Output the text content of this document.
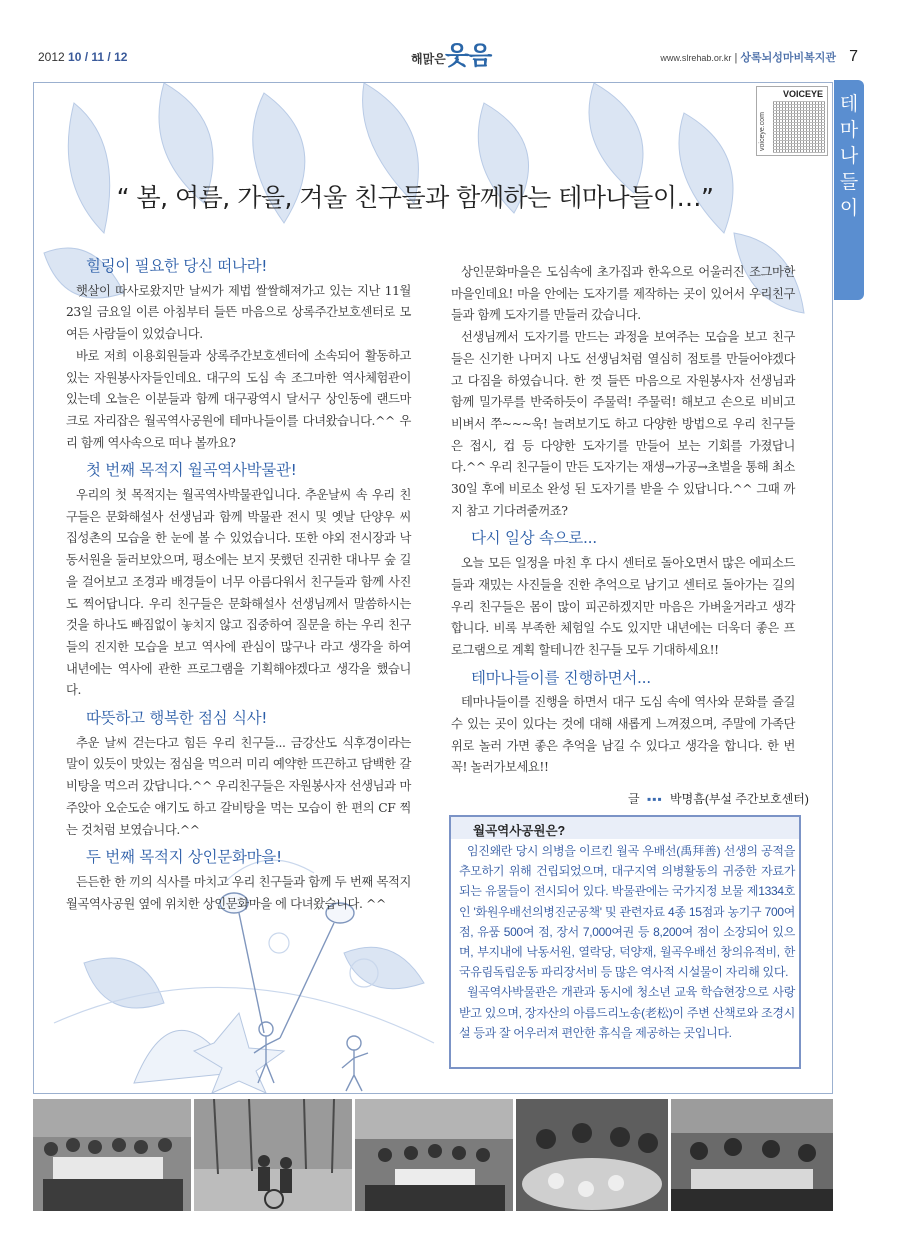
2012 10 / 11 / 12	해맑은 웃음	www.slrehab.or.kr | 상록뇌성마비복지관 7
테
마
나
들
이
VOICEYE
voiceye.com
“ 봄, 여름, 가을, 겨울 친구들과 함께하는 테마나들이…”
힐링이 필요한 당신 떠나라!

햇살이 따사로왔지만 날씨가 제법 쌀쌀해져가고 있는 지난 11월 23일 금요일 이른 아침부터 들뜬 마음으로 상록주간보호센터로 모여든 사람들이 있었습니다.

바로 저희 이용회원들과 상록주간보호센터에 소속되어 활동하고 있는 자원봉사자들인데요. 대구의 도심 속 조그마한 역사체험관이 있는데 오늘은 이분들과 함께 대구광역시 달서구 상인동에 랜드마크로 자리잡은 월곡역사공원에 테마나들이를 다녀왔습니다.^^ 우리 함께 역사속으로 떠나 볼까요?

첫 번째 목적지 월곡역사박물관!

우리의 첫 목적지는 월곡역사박물관입니다. 추운날씨 속 우리 친구들은 문화해설사 선생님과 함께 박물관 전시 및 옛날 단양우 씨 집성촌의 모습을 한 눈에 볼 수 있었습니다. 또한 야외 전시장과 낙동서원을 둘러보았으며, 평소에는 보지 못했던 진귀한 대나무 숲 길을 걸어보고 조경과 배경들이 너무 아름다워서 친구들과 함께 사진도 찍어답니다. 우리 친구들은 문화해설사 선생님께서 말씀하시는 것을 하나도 빠짐없이 놓치지 않고 집중하여 질문을 하는 우리 친구들의 진지한 모습을 보고 역사에 관심이 많구나 라고 생각을 하여 내년에는 역사에 관한 프로그램을 기획해야겠다고 생각을 했습니다.

따뜻하고 행복한 점심 식사!

추운 날씨 걷는다고 힘든 우리 친구들... 금강산도 식후경이라는 말이 있듯이 맛있는 점심을 먹으러 미리 예약한 뜨끈하고 담백한 갈비탕을 먹으러 갔답니다.^^ 우리친구들은 자원봉사자 선생님과 마주앉아 오순도순 얘기도 하고 갈비탕을 먹는 모습이 한 편의 CF 찍는 것처럼 보였습니다.^^

두 번째 목적지 상인문화마을!

든든한 한 끼의 식사를 마치고 우리 친구들과 함께 두 번째 목적지 월곡역사공원 옆에 위치한 상인문화마을 에 다녀왔습니다. ^^

상인문화마을은 도심속에 초가집과 한옥으로 어울러진 조그마한 마을인데요! 마을 안에는 도자기를 제작하는 곳이 있어서 우리친구들과 함께 도자기를 만들러 갔습니다.

선생님께서 도자기를 만드는 과정을 보여주는 모습을 보고 친구들은 신기한 나머지 나도 선생님처럼 열심히 점토를 만들어야겠다고 다짐을 하였습니다. 한 껏 들뜬 마음으로 자원봉사자 선생님과 함께 밀가루를 반죽하듯이 주물럭! 주물럭! 해보고 손으로 비비고 비벼서 쭈~~~욱! 늘려보기도 하고 다양한 방법으로 우리 친구들은 접시, 컵 등 다양한 도자기를 만들어 보는 기회를 가졌답니다.^^ 우리 친구들이 만든 도자기는 재생→가공→초벌을 통해 최소 30일 후에 비로소 완성 된 도자기를 받을 수 있답니다.^^ 그때 까지 참고 기다려줄꺼죠?

다시 일상 속으로...

오늘 모든 일정을 마친 후 다시 센터로 돌아오면서 많은 에피소드들과 재밌는 사진들을 진한 추억으로 남기고 센터로 돌아가는 길의 우리 친구들은 몸이 많이 피곤하겠지만 마음은 가벼울거라고 생각합니다. 비록 부족한 체험일 수도 있지만 내년에는 더욱더 좋은 프로그램으로 계획 할테니깐 친구들 모두 기대하세요!!

테마나들이를 진행하면서...

테마나들이를 진행을 하면서 대구 도심 속에 역사와 문화를 즐길 수 있는 곳이 있다는 것에 대해 새롭게 느껴졌으며, 주말에 가족단위로 놀러 가면 좋은 추억을 남길 수 있다고 생각을 합니다. 한 번 꼭! 놀러가보세요!!

글 ▪▪▪ 박명흠(부설 주간보호센터)
월곡역사공원은?

임진왜란 당시 의병을 이르킨 월곡 우배선(禹拜善) 선생의 공적을 추모하기 위해 건립되었으며, 대구지역 의병활동의 귀중한 자료가 되는 유물들이 전시되어 있다. 박물관에는 국가지정 보물 제1334호인 '화원우배선의병진군공책' 및 관련자료 4종 15점과 농기구 700여 점, 유품 500여 점, 장서 7,000여권 등 8,200여 점이 소장되어 있으며, 부지내에 낙동서원, 열락당, 덕양재, 월곡우배선 창의유적비, 한국유림독립운동 파리장서비 등 많은 역사적 시설물이 자리해 있다.

월곡역사박물관은 개관과 동시에 청소년 교육 학습현장으로 사랑받고 있으며, 장자산의 아름드리노송(老松)이 주변 산책로와 조경시설 등과 잘 어우러져 편안한 휴식을 제공하는 곳입니다.
